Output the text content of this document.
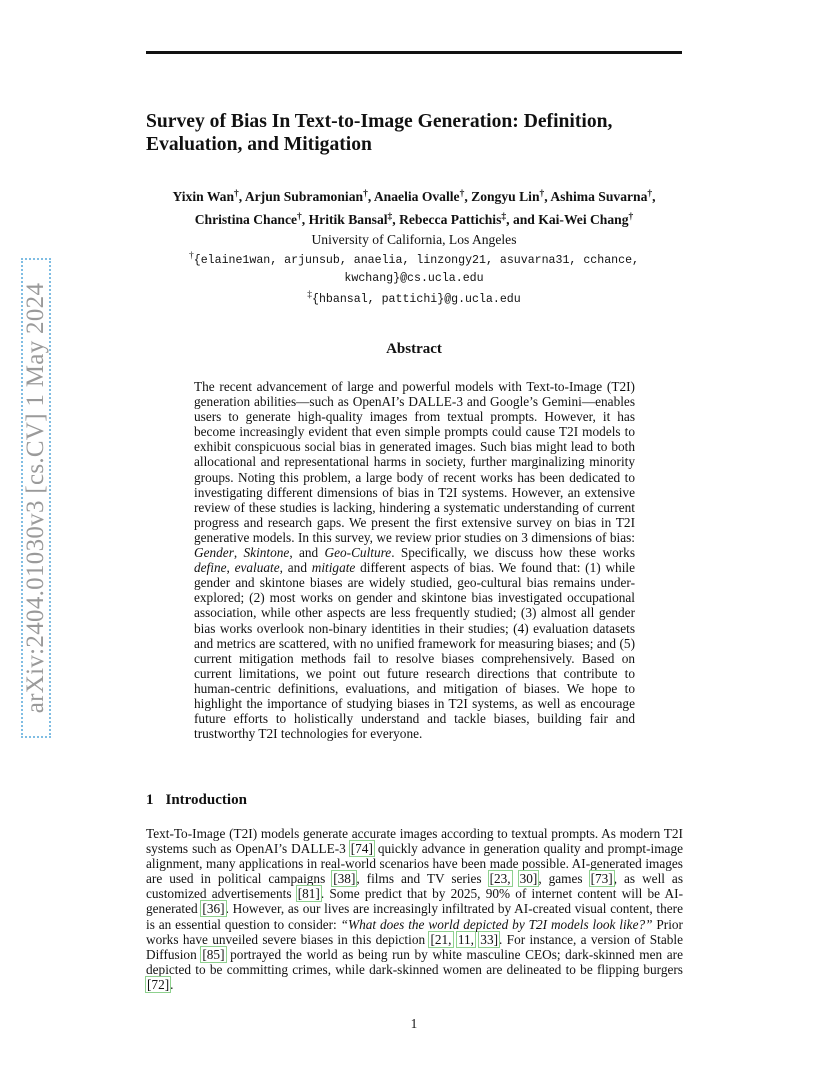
arXiv:2404.01030v3 [cs.CV] 1 May 2024
Survey of Bias In Text-to-Image Generation: Definition, Evaluation, and Mitigation
Yixin Wan†, Arjun Subramonian†, Anaelia Ovalle†, Zongyu Lin†, Ashima Suvarna†,
Christina Chance†, Hritik Bansal‡, Rebecca Pattichis‡, and Kai-Wei Chang†
University of California, Los Angeles
†{elaine1wan, arjunsub, anaelia, linzongy21, asuvarna31, cchance,
kwchang}@cs.ucla.edu
‡{hbansal, pattichi}@g.ucla.edu
Abstract

The recent advancement of large and powerful models with Text-to-Image (T2I) generation abilities—such as OpenAI’s DALLE-3 and Google’s Gemini—enables users to generate high-quality images from textual prompts. However, it has become increasingly evident that even simple prompts could cause T2I models to exhibit conspicuous social bias in generated images. Such bias might lead to both allocational and representational harms in society, further marginalizing minority groups. Noting this problem, a large body of recent works has been dedicated to investigating different dimensions of bias in T2I systems. However, an extensive review of these studies is lacking, hindering a systematic understanding of current progress and research gaps. We present the first extensive survey on bias in T2I generative models. In this survey, we review prior studies on 3 dimensions of bias: Gender, Skintone, and Geo-Culture. Specifically, we discuss how these works define, evaluate, and mitigate different aspects of bias. We found that: (1) while gender and skintone biases are widely studied, geo-cultural bias remains under-explored; (2) most works on gender and skintone bias investigated occupational association, while other aspects are less frequently studied; (3) almost all gender bias works overlook non-binary identities in their studies; (4) evaluation datasets and metrics are scattered, with no unified framework for measuring biases; and (5) current mitigation methods fail to resolve biases comprehensively. Based on current limitations, we point out future research directions that contribute to human-centric definitions, evaluations, and mitigation of biases. We hope to highlight the importance of studying biases in T2I systems, as well as encourage future efforts to holistically understand and tackle biases, building fair and trustworthy T2I technologies for everyone.

1 Introduction

Text-To-Image (T2I) models generate accurate images according to textual prompts. As modern T2I systems such as OpenAI’s DALLE-3 [74] quickly advance in generation quality and prompt-image alignment, many applications in real-world scenarios have been made possible. AI-generated images are used in political campaigns [38], films and TV series [23, 30], games [73], as well as customized advertisements [81]. Some predict that by 2025, 90% of internet content will be AI-generated [36]. However, as our lives are increasingly infiltrated by AI-created visual content, there is an essential question to consider: “What does the world depicted by T2I models look like?” Prior works have unveiled severe biases in this depiction [21, 11, 33]. For instance, a version of Stable Diffusion [85] portrayed the world as being run by white masculine CEOs; dark-skinned men are depicted to be committing crimes, while dark-skinned women are delineated to be flipping burgers [72].

1
